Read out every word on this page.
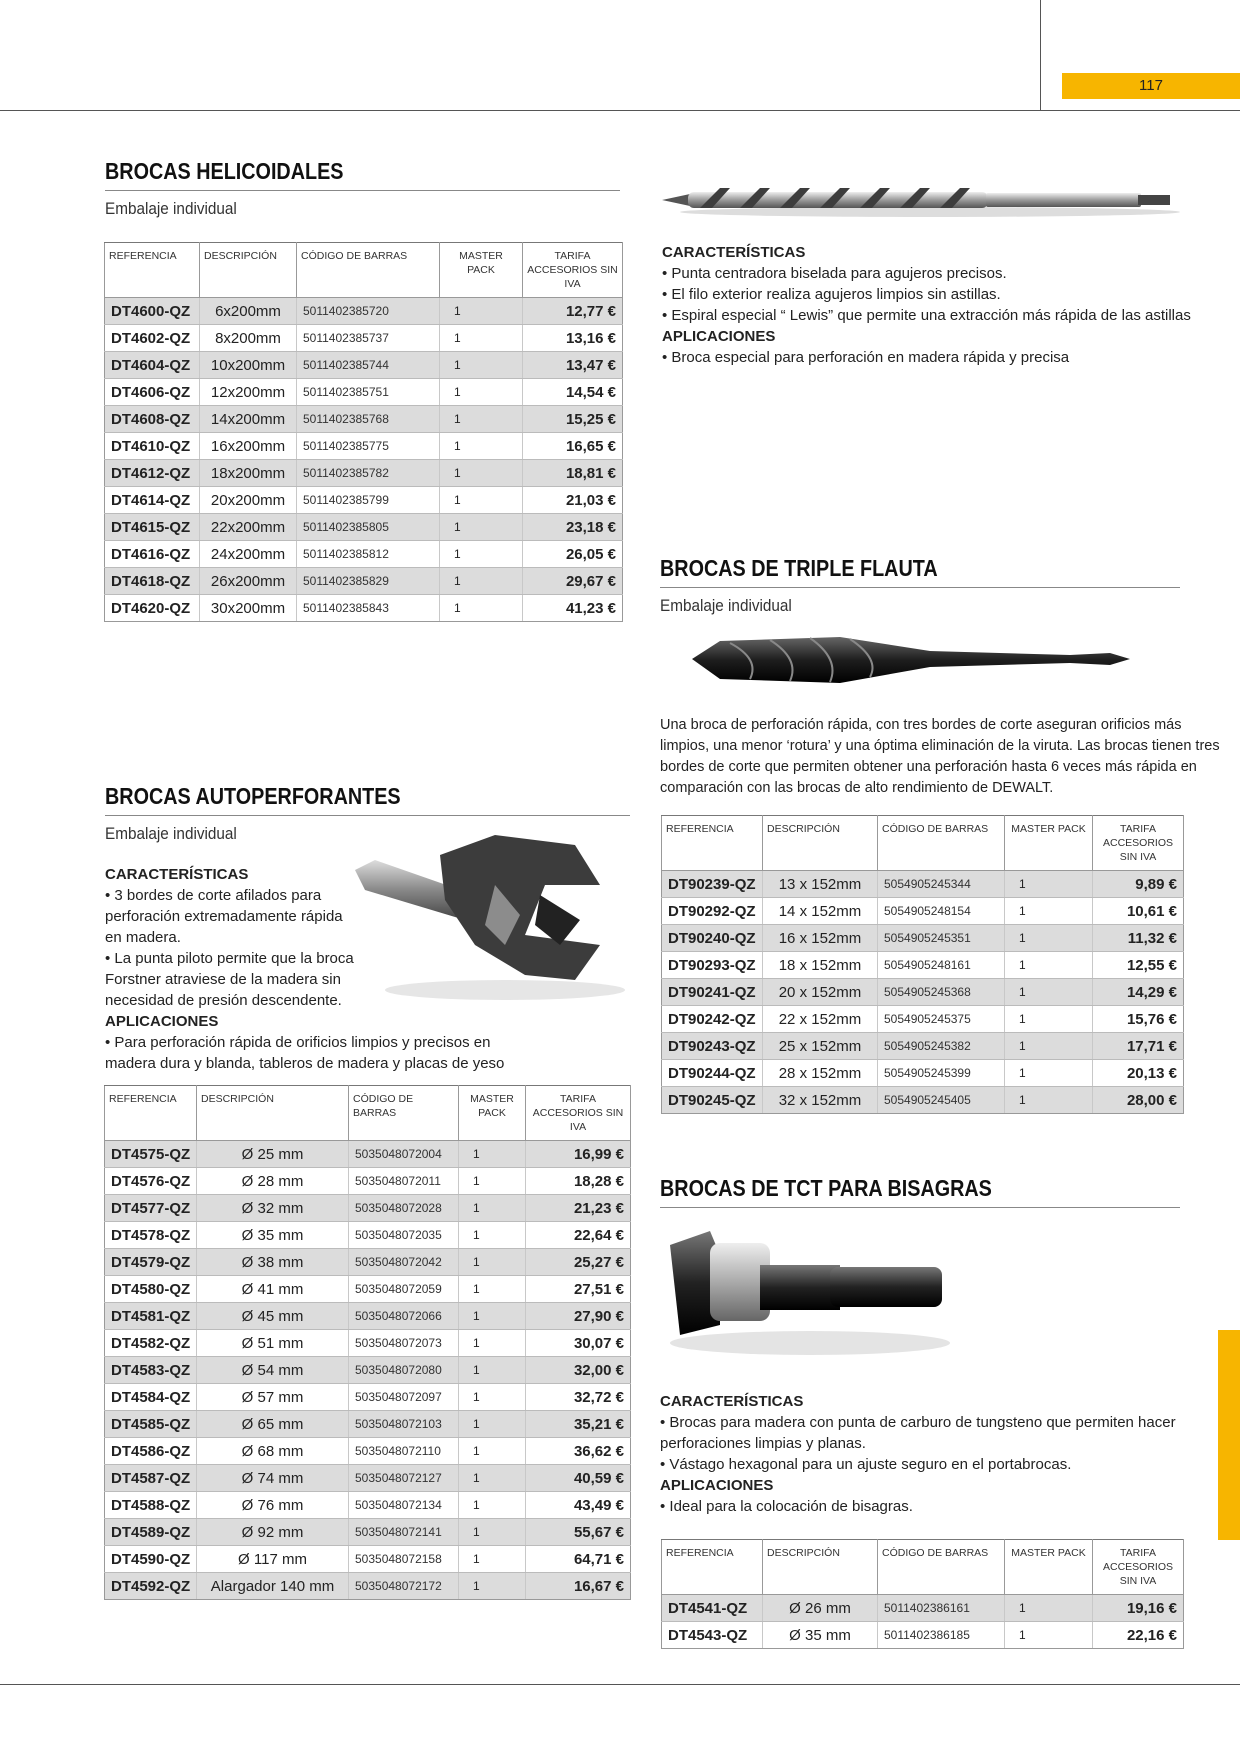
117
BROCAS HELICOIDALES
Embalaje individual
REFERENCIA	DESCRIPCIÓN	CÓDIGO DE BARRAS	MASTER PACK	TARIFA ACCESORIOS SIN IVA
DT4600-QZ	6x200mm	5011402385720	1	12,77 €
DT4602-QZ	8x200mm	5011402385737	1	13,16 €
DT4604-QZ	10x200mm	5011402385744	1	13,47 €
DT4606-QZ	12x200mm	5011402385751	1	14,54 €
DT4608-QZ	14x200mm	5011402385768	1	15,25 €
DT4610-QZ	16x200mm	5011402385775	1	16,65 €
DT4612-QZ	18x200mm	5011402385782	1	18,81 €
DT4614-QZ	20x200mm	5011402385799	1	21,03 €
DT4615-QZ	22x200mm	5011402385805	1	23,18 €
DT4616-QZ	24x200mm	5011402385812	1	26,05 €
DT4618-QZ	26x200mm	5011402385829	1	29,67 €
DT4620-QZ	30x200mm	5011402385843	1	41,23 €
CARACTERÍSTICAS
• Punta centradora biselada para agujeros precisos.
• El filo exterior realiza agujeros limpios sin astillas.
• Espiral especial “ Lewis” que permite una extracción más rápida de las astillas
APLICACIONES
• Broca especial para perforación en madera rápida y precisa
BROCAS DE TRIPLE FLAUTA
Embalaje individual
Una broca de perforación rápida, con tres bordes de corte aseguran orificios más
limpios, una menor ‘rotura’ y una óptima eliminación de la viruta. Las brocas tienen tres
bordes de corte que permiten obtener una perforación hasta 6 veces más rápida en
comparación con las brocas de alto rendimiento de DEWALT.
REFERENCIA	DESCRIPCIÓN	CÓDIGO DE BARRAS	MASTER PACK	TARIFA ACCESORIOS SIN IVA
DT90239-QZ	13 x 152mm	5054905245344	1	9,89 €
DT90292-QZ	14 x 152mm	5054905248154	1	10,61 €
DT90240-QZ	16 x 152mm	5054905245351	1	11,32 €
DT90293-QZ	18 x 152mm	5054905248161	1	12,55 €
DT90241-QZ	20 x 152mm	5054905245368	1	14,29 €
DT90242-QZ	22 x 152mm	5054905245375	1	15,76 €
DT90243-QZ	25 x 152mm	5054905245382	1	17,71 €
DT90244-QZ	28 x 152mm	5054905245399	1	20,13 €
DT90245-QZ	32 x 152mm	5054905245405	1	28,00 €
BROCAS DE TCT PARA BISAGRAS
CARACTERÍSTICAS
• Brocas para madera con punta de carburo de tungsteno que permiten hacer
perforaciones limpias y planas.
• Vástago hexagonal para un ajuste seguro en el portabrocas.
APLICACIONES
• Ideal para la colocación de bisagras.
REFERENCIA	DESCRIPCIÓN	CÓDIGO DE BARRAS	MASTER PACK	TARIFA ACCESORIOS SIN IVA
DT4541-QZ	Ø 26 mm	5011402386161	1	19,16 €
DT4543-QZ	Ø 35 mm	5011402386185	1	22,16 €
BROCAS AUTOPERFORANTES
Embalaje individual
CARACTERÍSTICAS
• 3 bordes de corte afilados para
perforación extremadamente rápida
en madera.
• La punta piloto permite que la broca
Forstner atraviese de la madera sin
necesidad de presión descendente.
APLICACIONES
• Para perforación rápida de orificios limpios y precisos en
madera dura y blanda, tableros de madera y placas de yeso
REFERENCIA	DESCRIPCIÓN	CÓDIGO DE BARRAS	MASTER PACK	TARIFA ACCESORIOS SIN IVA
DT4575-QZ	Ø 25 mm	5035048072004	1	16,99 €
DT4576-QZ	Ø 28 mm	5035048072011	1	18,28 €
DT4577-QZ	Ø 32 mm	5035048072028	1	21,23 €
DT4578-QZ	Ø 35 mm	5035048072035	1	22,64 €
DT4579-QZ	Ø 38 mm	5035048072042	1	25,27 €
DT4580-QZ	Ø 41 mm	5035048072059	1	27,51 €
DT4581-QZ	Ø 45 mm	5035048072066	1	27,90 €
DT4582-QZ	Ø 51 mm	5035048072073	1	30,07 €
DT4583-QZ	Ø 54 mm	5035048072080	1	32,00 €
DT4584-QZ	Ø 57 mm	5035048072097	1	32,72 €
DT4585-QZ	Ø 65 mm	5035048072103	1	35,21 €
DT4586-QZ	Ø 68 mm	5035048072110	1	36,62 €
DT4587-QZ	Ø 74 mm	5035048072127	1	40,59 €
DT4588-QZ	Ø 76 mm	5035048072134	1	43,49 €
DT4589-QZ	Ø 92 mm	5035048072141	1	55,67 €
DT4590-QZ	Ø 117 mm	5035048072158	1	64,71 €
DT4592-QZ	Alargador 140 mm	5035048072172	1	16,67 €
